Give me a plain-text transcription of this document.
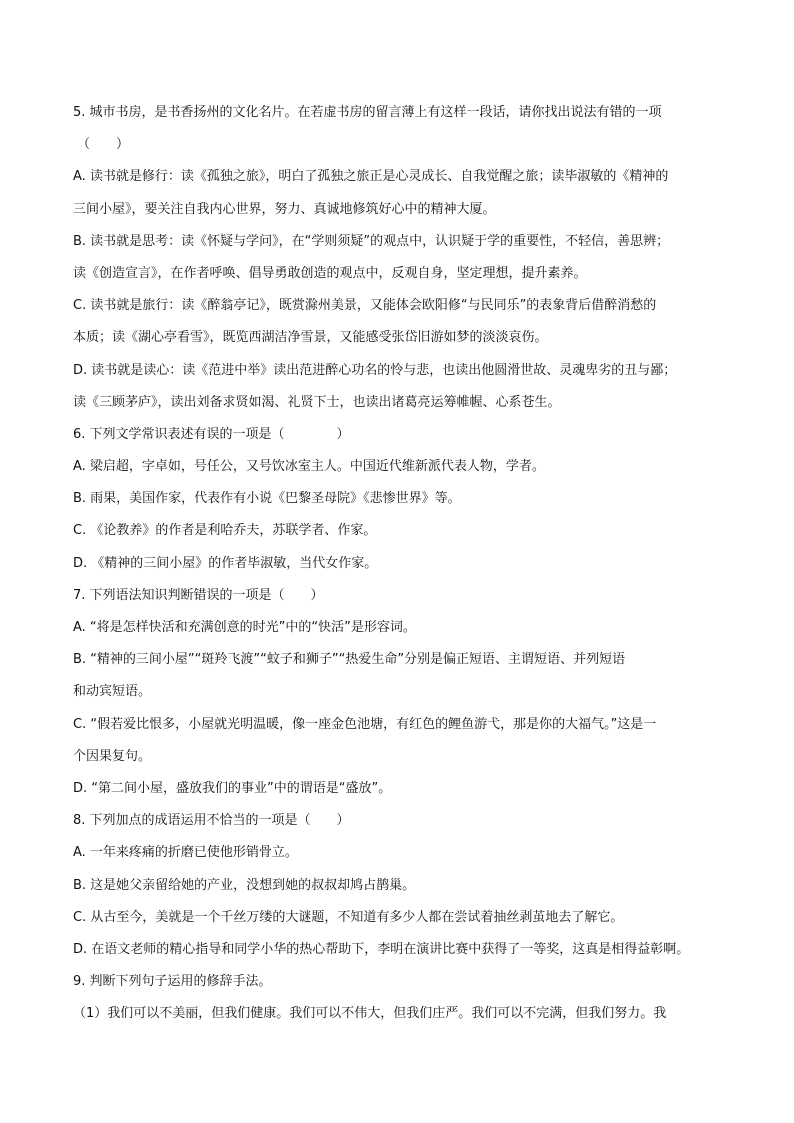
5. 城市书房，是书香扬州的文化名片。在若虚书房的留言薄上有这样一段话，请你找出说法有错的一项
（　　）
A. 读书就是修行：读《孤独之旅》，明白了孤独之旅正是心灵成长、自我觉醒之旅；读毕淑敏的《精神的
三间小屋》，要关注自我内心世界，努力、真诚地修筑好心中的精神大厦。
B. 读书就是思考：读《怀疑与学问》，在“学则须疑”的观点中，认识疑于学的重要性，不轻信，善思辨；
读《创造宣言》，在作者呼唤、倡导勇敢创造的观点中，反观自身，坚定理想，提升素养。
C. 读书就是旅行：读《醉翁亭记》，既赏滁州美景，又能体会欧阳修“与民同乐”的表象背后借醉消愁的
本质；读《湖心亭看雪》，既览西湖洁净雪景，又能感受张岱旧游如梦的淡淡哀伤。
D. 读书就是读心：读《范进中举》读出范进醉心功名的怜与悲，也读出他圆滑世故、灵魂卑劣的丑与鄙；
读《三顾茅庐》，读出刘备求贤如渴、礼贤下士，也读出诸葛亮运筹帷幄、心系苍生。
6. 下列文学常识表述有误的一项是（　　　　）
A. 梁启超，字卓如，号任公，又号饮冰室主人。中国近代维新派代表人物，学者。
B. 雨果，美国作家，代表作有小说《巴黎圣母院》《悲惨世界》等。
C. 《论教养》的作者是利哈乔夫，苏联学者、作家。
D. 《精神的三间小屋》的作者毕淑敏，当代女作家。
7. 下列语法知识判断错误的一项是（　　）
A. “将是怎样快活和充满创意的时光”中的“快活”是形容词。
B. “精神的三间小屋”“斑羚飞渡”“蚊子和狮子”“热爱生命”分别是偏正短语、主谓短语、并列短语
和动宾短语。
C. “假若爱比恨多，小屋就光明温暖，像一座金色池塘，有红色的鲤鱼游弋，那是你的大福气。”这是一
个因果复句。
D. “第二间小屋，盛放我们的事业”中的谓语是“盛放”。
8. 下列加点的成语运用不恰当的一项是（　　）
A. 一年来疼痛的折磨已使他形销骨立。
B. 这是她父亲留给她的产业，没想到她的叔叔却鸠占鹊巢。
C. 从古至今，美就是一个千丝万缕的大谜题，不知道有多少人都在尝试着抽丝剥茧地去了解它。
D. 在语文老师的精心指导和同学小华的热心帮助下，李明在演讲比赛中获得了一等奖，这真是相得益彰啊。
9. 判断下列句子运用的修辞手法。
（1）我们可以不美丽，但我们健康。我们可以不伟大，但我们庄严。我们可以不完满，但我们努力。我
